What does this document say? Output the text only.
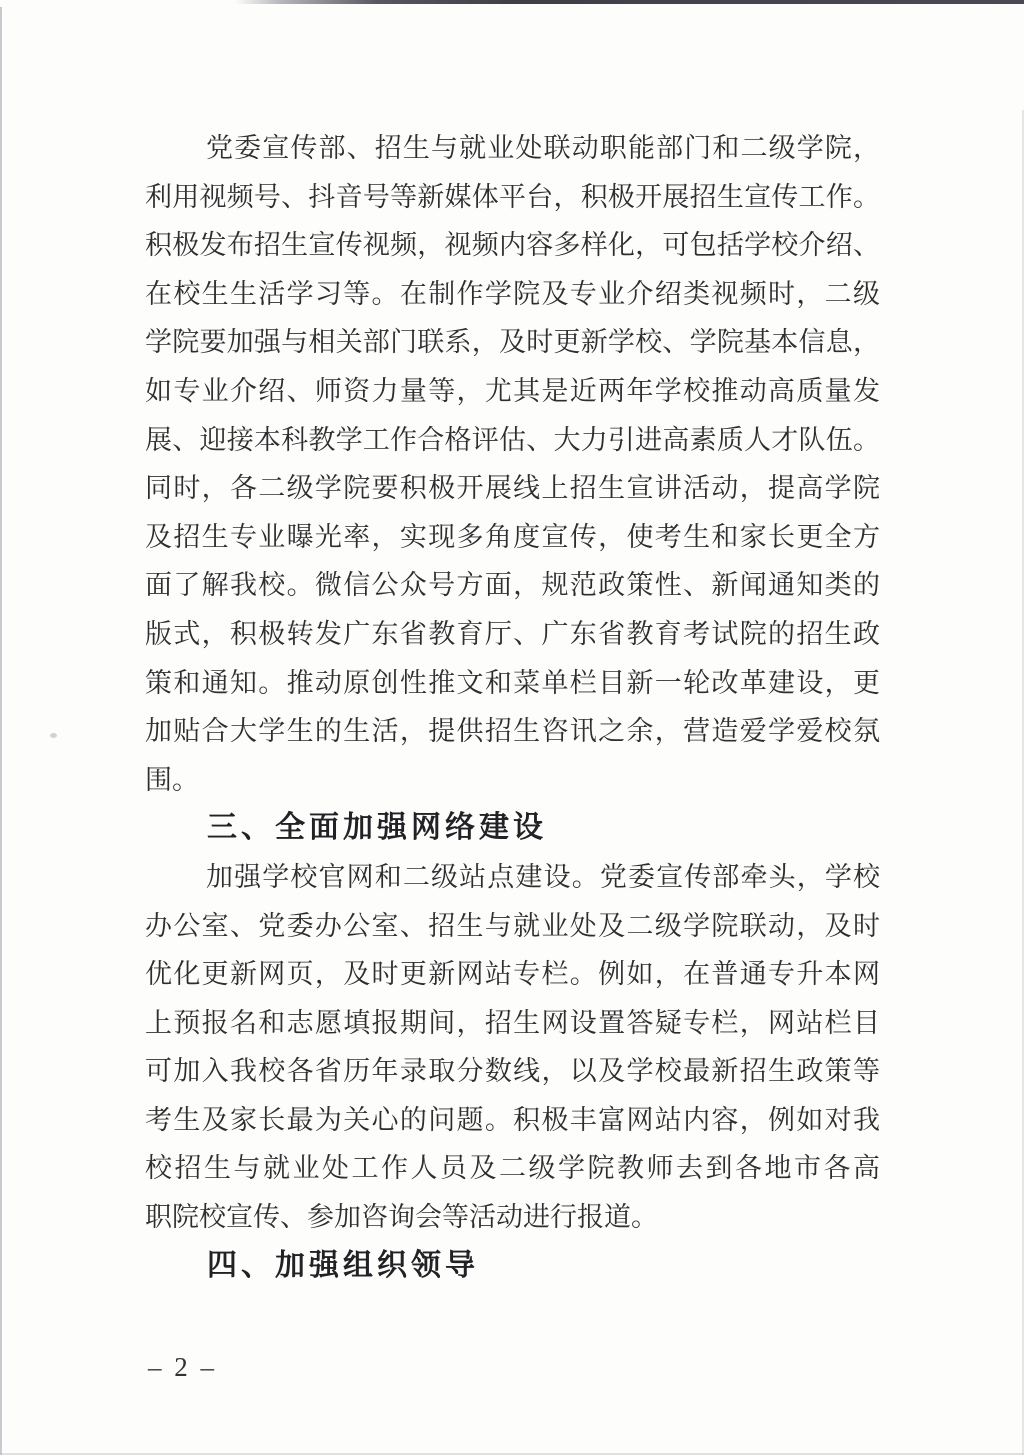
党委宣传部、招生与就业处联动职能部门和二级学院，
利用视频号、抖音号等新媒体平台，积极开展招生宣传工作。
积极发布招生宣传视频，视频内容多样化，可包括学校介绍、
在校生生活学习等。在制作学院及专业介绍类视频时，二级
学院要加强与相关部门联系，及时更新学校、学院基本信息，
如专业介绍、师资力量等，尤其是近两年学校推动高质量发
展、迎接本科教学工作合格评估、大力引进高素质人才队伍。
同时，各二级学院要积极开展线上招生宣讲活动，提高学院
及招生专业曝光率，实现多角度宣传，使考生和家长更全方
面了解我校。微信公众号方面，规范政策性、新闻通知类的
版式，积极转发广东省教育厅、广东省教育考试院的招生政
策和通知。推动原创性推文和菜单栏目新一轮改革建设，更
加贴合大学生的生活，提供招生咨讯之余，营造爱学爱校氛
围。
三、全面加强网络建设
加强学校官网和二级站点建设。党委宣传部牵头，学校
办公室、党委办公室、招生与就业处及二级学院联动，及时
优化更新网页，及时更新网站专栏。例如，在普通专升本网
上预报名和志愿填报期间，招生网设置答疑专栏，网站栏目
可加入我校各省历年录取分数线，以及学校最新招生政策等
考生及家长最为关心的问题。积极丰富网站内容，例如对我
校招生与就业处工作人员及二级学院教师去到各地市各高
职院校宣传、参加咨询会等活动进行报道。
四、加强组织领导
– 2 –
